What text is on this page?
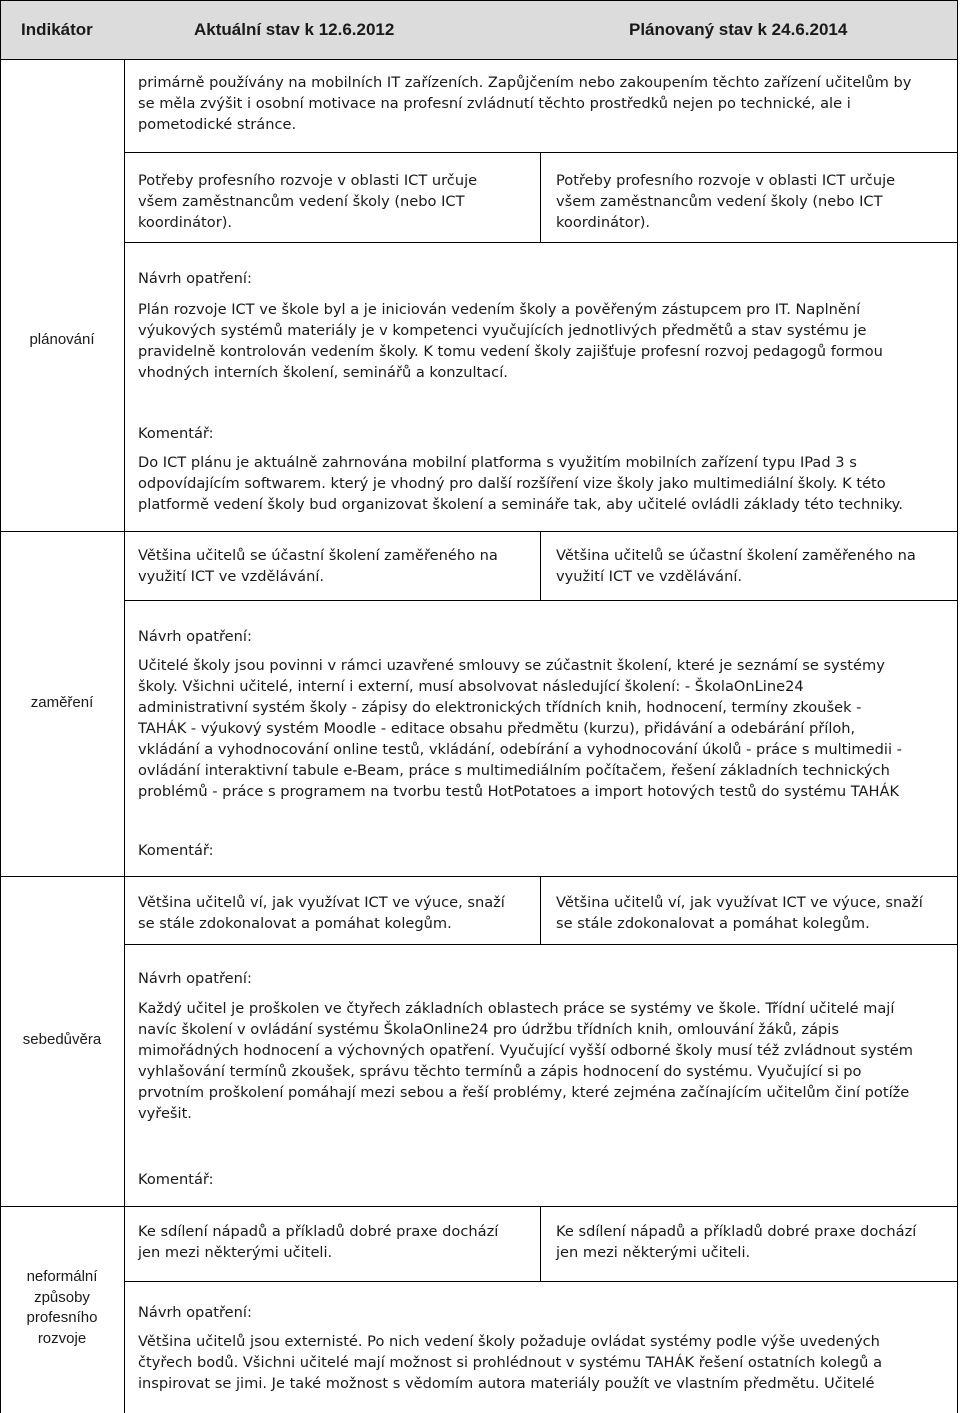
Indikátor	Aktuální stav k 12.6.2012	Plánovaný stav k 24.6.2014
primárně používány na mobilních IT zařízeních. Zapůjčením nebo zakoupením těchto zařízení učitelům by
se měla zvýšit i osobní motivace na profesní zvládnutí těchto prostředků nejen po technické, ale i
pometodické stránce.
Potřeby profesního rozvoje v oblasti ICT určuje
všem zaměstnancům vedení školy (nebo ICT
koordinátor).
Potřeby profesního rozvoje v oblasti ICT určuje
všem zaměstnancům vedení školy (nebo ICT
koordinátor).
plánování
Návrh opatření:
Plán rozvoje ICT ve škole byl a je iniciován vedením školy a pověřeným zástupcem pro IT. Naplnění
výukových systémů materiály je v kompetenci vyučujících jednotlivých předmětů a stav systému je
pravidelně kontrolován vedením školy. K tomu vedení školy zajišťuje profesní rozvoj pedagogů formou
vhodných interních školení, seminářů a konzultací.
Komentář:
Do ICT plánu je aktuálně zahrnována mobilní platforma s využitím mobilních zařízení typu IPad 3 s
odpovídajícím softwarem. který je vhodný pro další rozšíření vize školy jako multimediální školy. K této
platformě vedení školy bud organizovat školení a semináře tak, aby učitelé ovládli základy této techniky.
Většina učitelů se účastní školení zaměřeného na
využití ICT ve vzdělávání.
Většina učitelů se účastní školení zaměřeného na
využití ICT ve vzdělávání.
zaměření
Návrh opatření:
Učitelé školy jsou povinni v rámci uzavřené smlouvy se zúčastnit školení, které je seznámí se systémy
školy. Všichni učitelé, interní i externí, musí absolvovat následující školení: - ŠkolaOnLine24
administrativní systém školy - zápisy do elektronických třídních knih, hodnocení, termíny zkoušek -
TAHÁK - výukový systém Moodle - editace obsahu předmětu (kurzu), přidávání a odebárání příloh,
vkládání a vyhodnocování online testů, vkládání, odebírání a vyhodnocování úkolů - práce s multimedii -
ovládání interaktivní tabule e-Beam, práce s multimediálním počítačem, řešení základních technických
problémů - práce s programem na tvorbu testů HotPotatoes a import hotových testů do systému TAHÁK
Komentář:
Většina učitelů ví, jak využívat ICT ve výuce, snaží
se stále zdokonalovat a pomáhat kolegům.
Většina učitelů ví, jak využívat ICT ve výuce, snaží
se stále zdokonalovat a pomáhat kolegům.
sebedůvěra
Návrh opatření:
Každý učitel je proškolen ve čtyřech základních oblastech práce se systémy ve škole. Třídní učitelé mají
navíc školení v ovládání systému ŠkolaOnline24 pro údržbu třídních knih, omlouvání žáků, zápis
mimořádných hodnocení a výchovných opatření. Vyučující vyšší odborné školy musí též zvládnout systém
vyhlašování termínů zkoušek, správu těchto termínů a zápis hodnocení do systému. Vyučující si po
prvotním proškolení pomáhají mezi sebou a řeší problémy, které zejména začínajícím učitelům činí potíže
vyřešit.
Komentář:
Ke sdílení nápadů a příkladů dobré praxe dochází
jen mezi některými učiteli.
Ke sdílení nápadů a příkladů dobré praxe dochází
jen mezi některými učiteli.
neformální
způsoby
profesního
rozvoje
Návrh opatření:
Většina učitelů jsou externisté. Po nich vedení školy požaduje ovládat systémy podle výše uvedených
čtyřech bodů. Všichni učitelé mají možnost si prohlédnout v systému TAHÁK řešení ostatních kolegů a
inspirovat se jimi. Je také možnost s vědomím autora materiály použít ve vlastním předmětu. Učitelé
